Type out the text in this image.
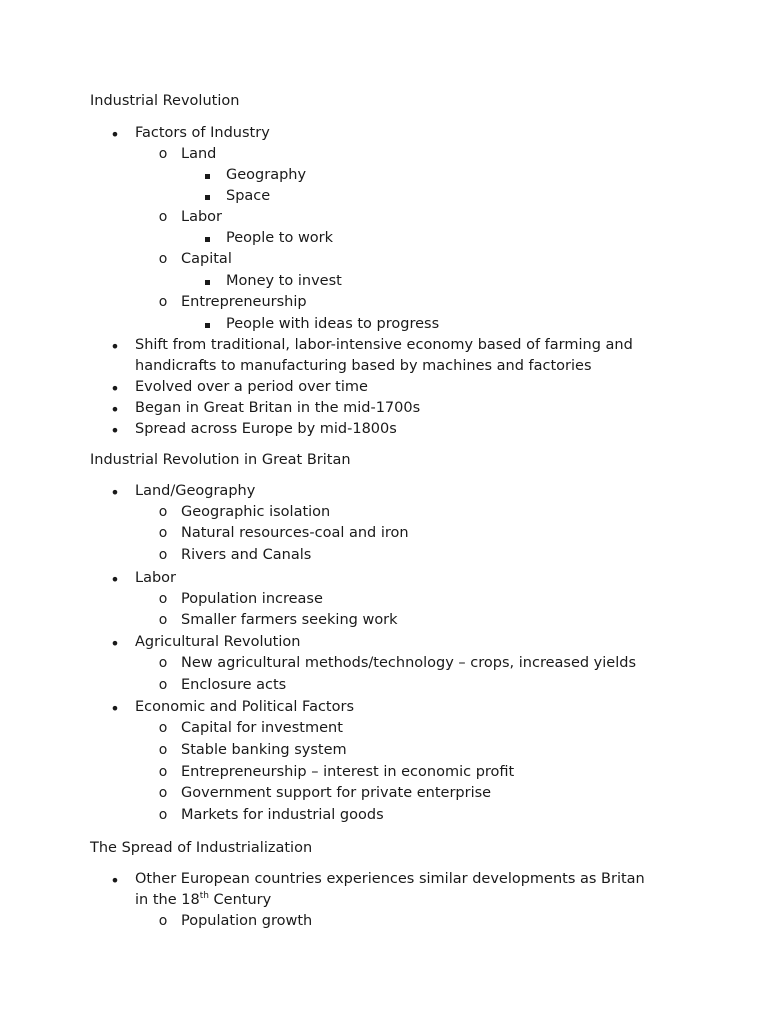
Industrial Revolution
• Factors of Industry
o Land
Geography
Space
o Labor
People to work
o Capital
Money to invest
o Entrepreneurship
People with ideas to progress
• Shift from traditional, labor-intensive economy based of farming and
handicrafts to manufacturing based by machines and factories
• Evolved over a period over time
• Began in Great Britan in the mid-1700s
• Spread across Europe by mid-1800s
Industrial Revolution in Great Britan
• Land/Geography
o Geographic isolation
o Natural resources-coal and iron
o Rivers and Canals
• Labor
o Population increase
o Smaller farmers seeking work
• Agricultural Revolution
o New agricultural methods/technology – crops, increased yields
o Enclosure acts
• Economic and Political Factors
o Capital for investment
o Stable banking system
o Entrepreneurship – interest in economic profit
o Government support for private enterprise
o Markets for industrial goods
The Spread of Industrialization
• Other European countries experiences similar developments as Britan
in the 18th Century
o Population growth
